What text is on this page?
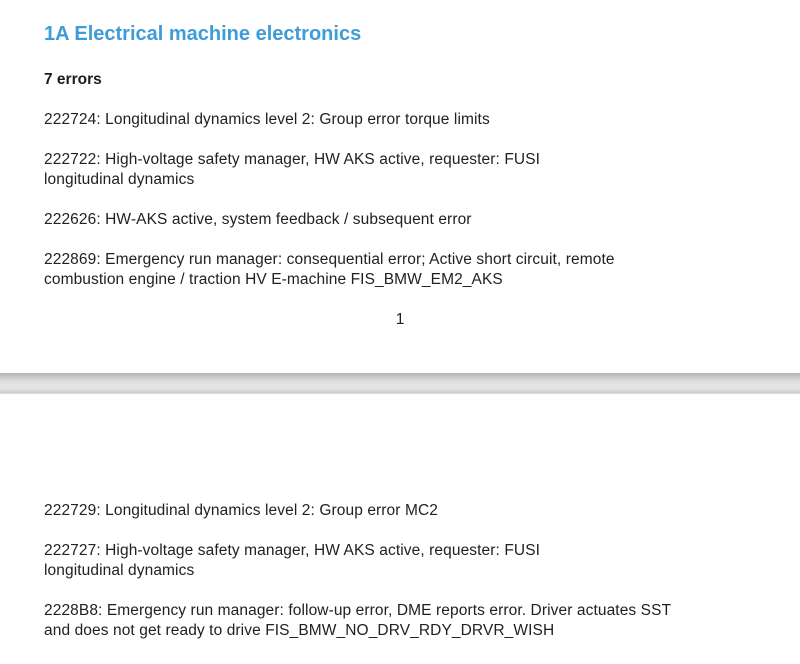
1A Electrical machine electronics
7 errors

222724: Longitudinal dynamics level 2: Group error torque limits

222722: High-voltage safety manager, HW AKS active, requester: FUSI
longitudinal dynamics

222626: HW-AKS active, system feedback / subsequent error

222869: Emergency run manager: consequential error; Active short circuit, remote
combustion engine / traction HV E-machine FIS_BMW_EM2_AKS

1

222729: Longitudinal dynamics level 2: Group error MC2

222727: High-voltage safety manager, HW AKS active, requester: FUSI
longitudinal dynamics

2228B8: Emergency run manager: follow-up error, DME reports error. Driver actuates SST
and does not get ready to drive FIS_BMW_NO_DRV_RDY_DRVR_WISH
